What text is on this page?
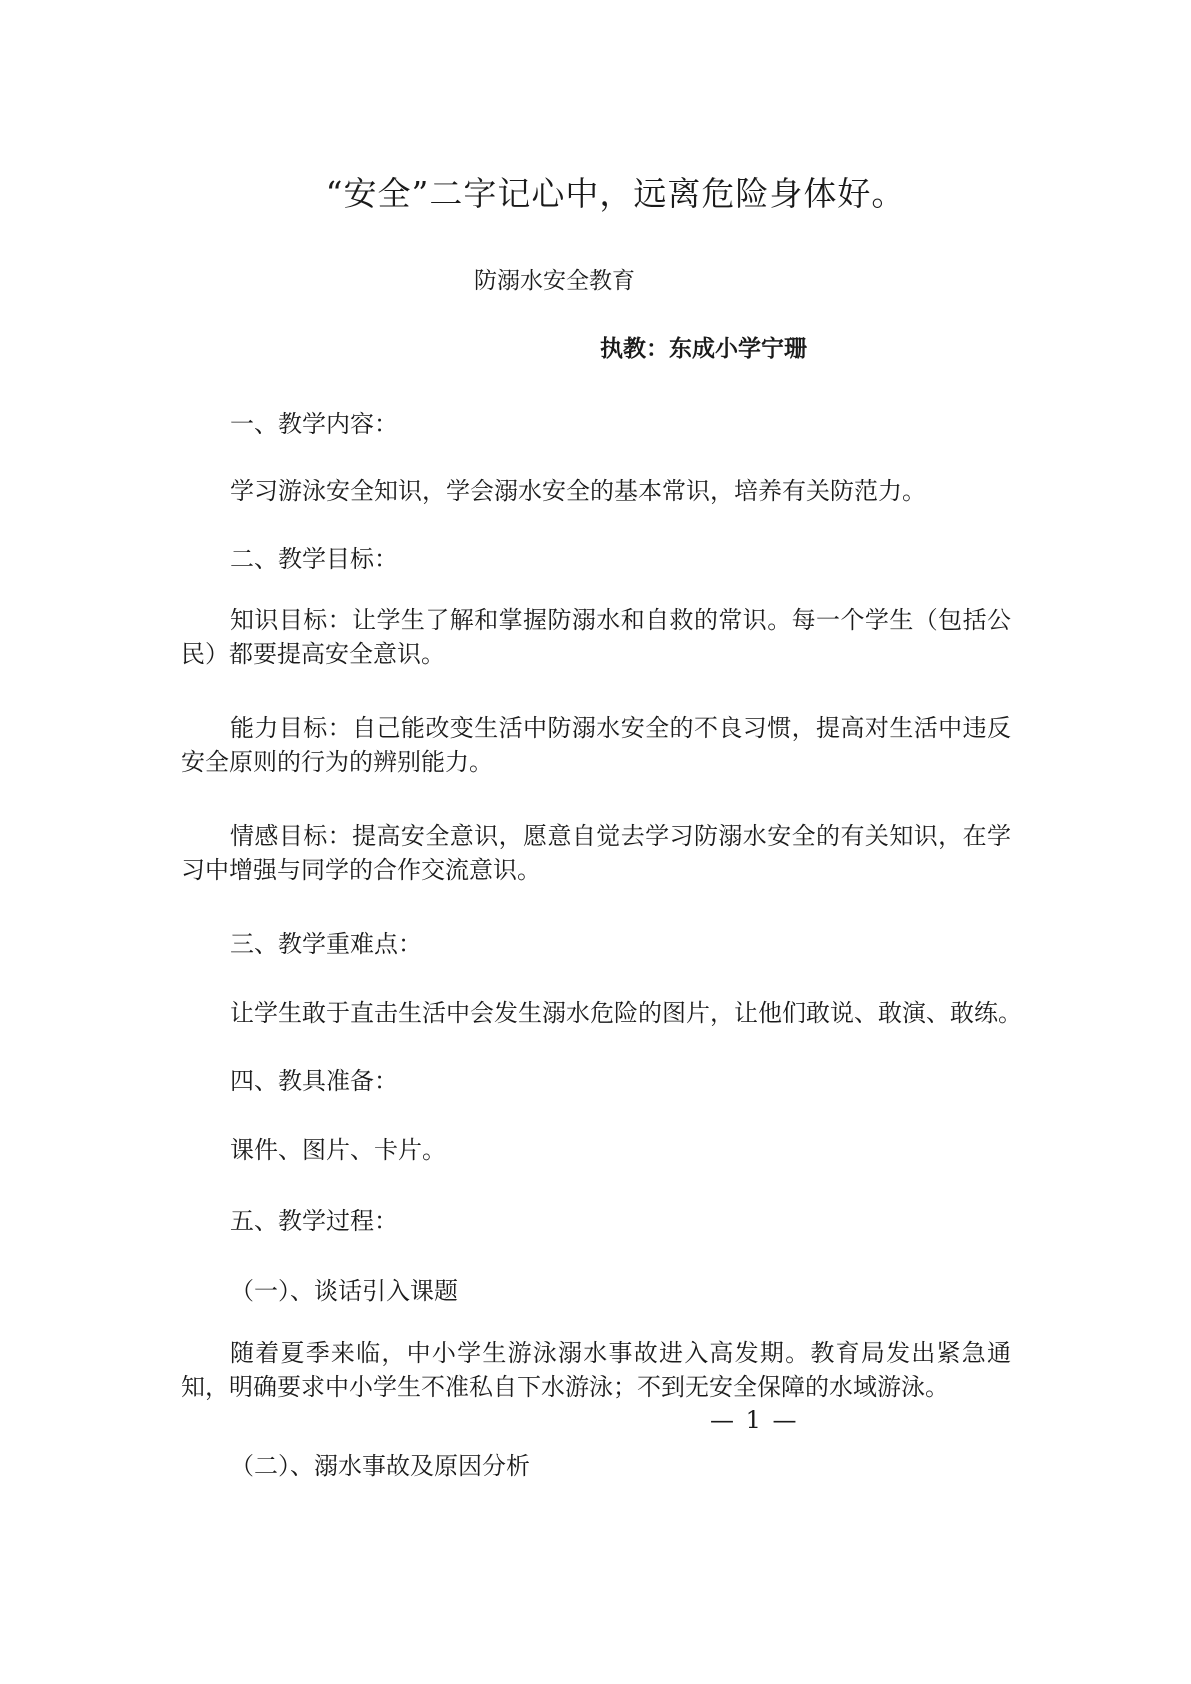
“安全”二字记心中，远离危险身体好。
防溺水安全教育
执教：东成小学宁珊
一、教学内容：
学习游泳安全知识，学会溺水安全的基本常识，培养有关防范力。
二、教学目标：
知识目标：让学生了解和掌握防溺水和自救的常识。每一个学生（包括公民）都要提高安全意识。
能力目标：自己能改变生活中防溺水安全的不良习惯，提高对生活中违反安全原则的行为的辨别能力。
情感目标：提高安全意识，愿意自觉去学习防溺水安全的有关知识，在学习中增强与同学的合作交流意识。
三、教学重难点：
让学生敢于直击生活中会发生溺水危险的图片，让他们敢说、敢演、敢练。
四、教具准备：
课件、图片、卡片。
五、教学过程：
（一）、谈话引入课题
随着夏季来临，中小学生游泳溺水事故进入高发期。教育局发出紧急通知，明确要求中小学生不准私自下水游泳；不到无安全保障的水域游泳。
— 1 —
（二）、溺水事故及原因分析
